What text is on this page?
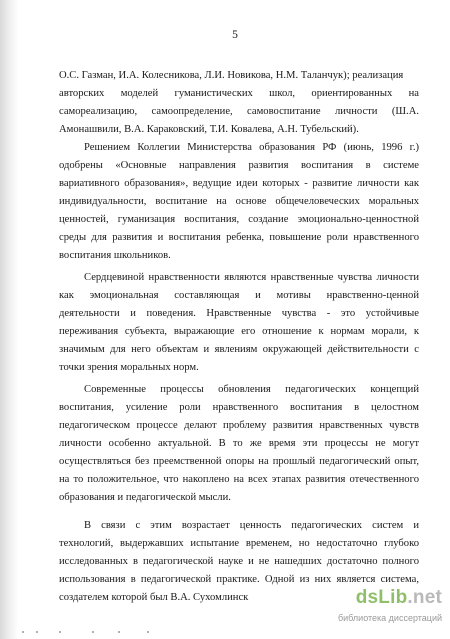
5
О.С. Газман, И.А. Колесникова, Л.И. Новикова, Н.М. Таланчук); реализация
авторских моделей гуманистических школ, ориентированных на
самореализацию, самоопределение, самовоспитание личности (Ш.А.
Амонашвили, В.А. Караковский, Т.И. Ковалева, А.Н. Тубельский).
Решением Коллегии Министерства образования РФ (июнь, 1996 г.)
одобрены «Основные направления развития воспитания в системе
вариативного образования», ведущие идеи которых - развитие личности как
индивидуальности, воспитание на основе общечеловеческих моральных
ценностей, гуманизация воспитания, создание эмоционально-ценностной
среды для развития и воспитания ребенка, повышение роли нравственного
воспитания школьников.
Сердцевиной нравственности являются нравственные чувства личности
как эмоциональная составляющая и мотивы нравственно-ценной
деятельности и поведения. Нравственные чувства - это устойчивые
переживания субъекта, выражающие его отношение к нормам морали, к
значимым для него объектам и явлениям окружающей действительности с
точки зрения моральных норм.
Современные процессы обновления педагогических концепций
воспитания, усиление роли нравственного воспитания в целостном
педагогическом процессе делают проблему развития нравственных чувств
личности особенно актуальной. В то же время эти процессы не могут
осуществляться без преемственной опоры на прошлый педагогический опыт,
на то положительное, что накоплено на всех этапах развития отечественного
образования и педагогической мысли.
В связи с этим возрастает ценность педагогических систем и
технологий, выдержавших испытание временем, но недостаточно глубоко
исследованных в педагогической науке и не нашедших достаточно полного
использования в педагогической практике. Одной из них является система,
создателем которой был В.А. Сухомлинск	dsLib.net
библиотека диссертаций
